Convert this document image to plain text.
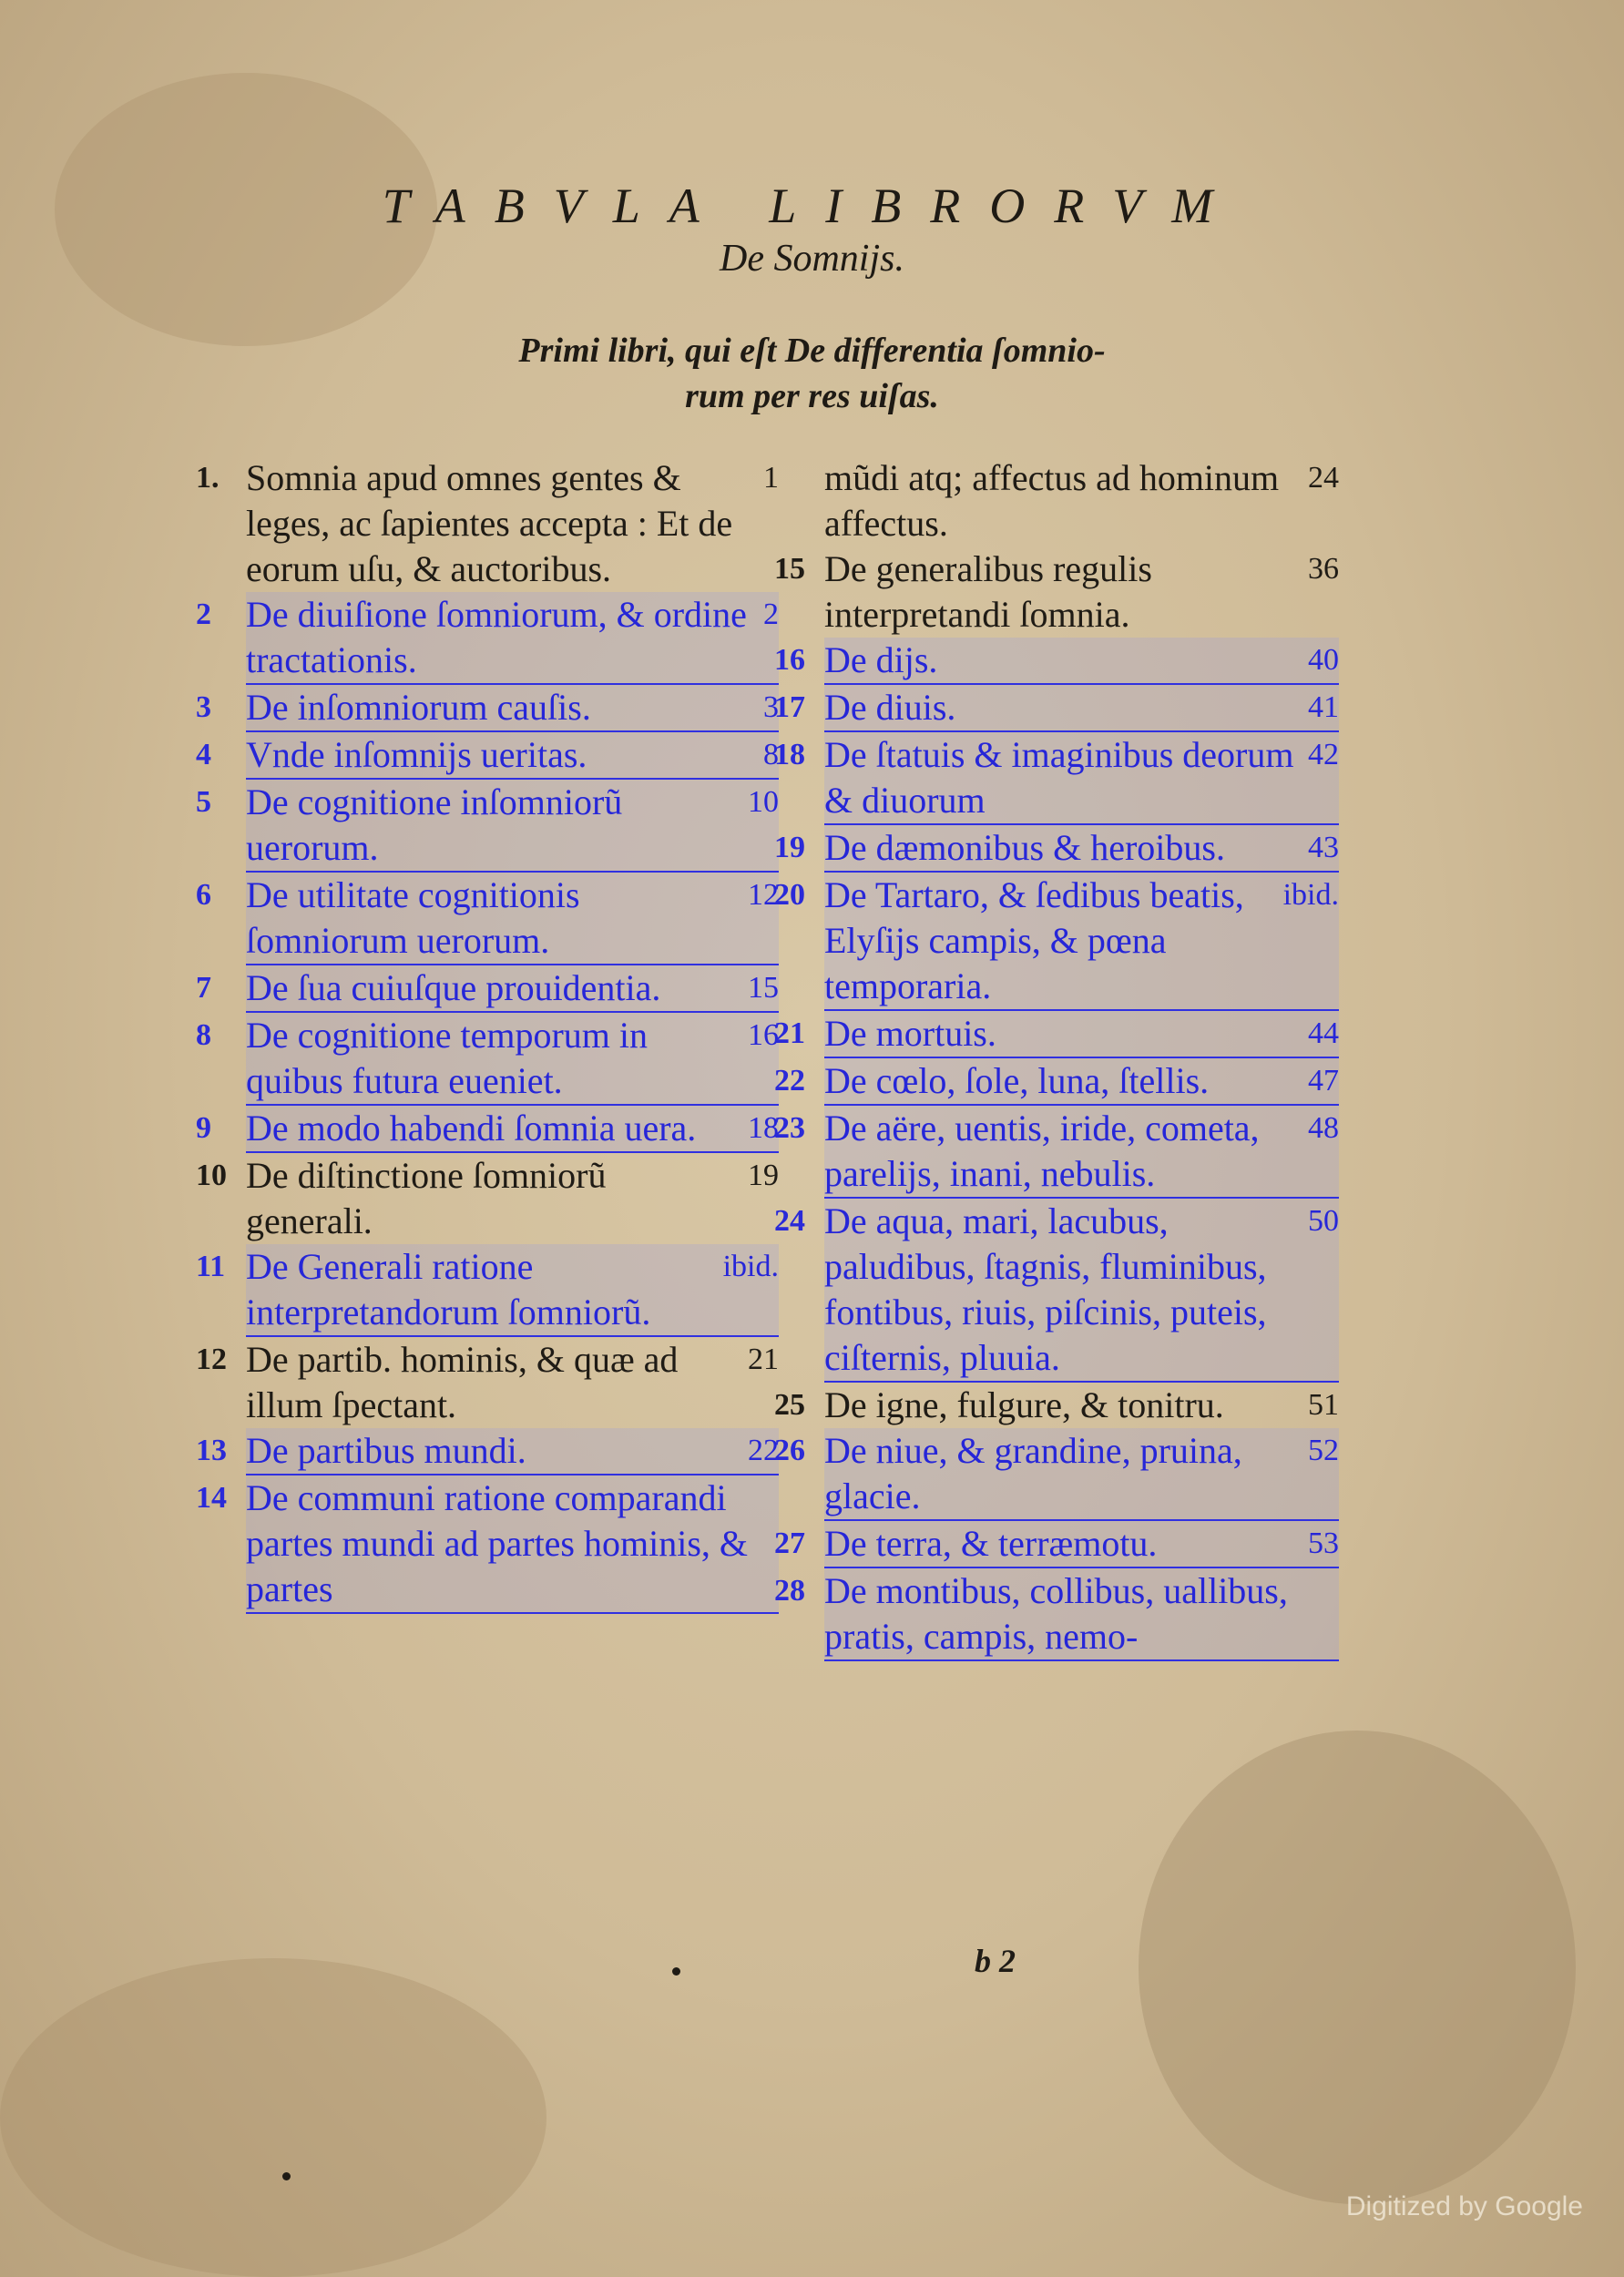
TABVLA LIBRORVM
De Somnijs.
Primi libri, qui eſt De differentia ſomnio-
rum per res uiſas.
1.	1
Somnia apud omnes gentes & leges, ac ſapientes accepta : Et de eorum uſu, & auctoribus.
2	2
De diuiſione ſomniorum, & ordine tractationis.
3	3
De inſomniorum cauſis.
4	8
Vnde inſomnijs ueritas.
5	10
De cognitione inſomniorũ uerorum.
6	12
De utilitate cognitionis ſomniorum uerorum.
7	15
De ſua cuiuſque prouidentia.
8	16
De cognitione temporum in quibus futura eueniet.
9	18
De modo habendi ſomnia uera.
10	19
De diſtinctione ſomniorũ generali.
11	ibid.
De Generali ratione interpretandorum ſomniorũ.
12	21
De partib. hominis, & quæ ad illum ſpectant.
13	22
De partibus mundi.
14 De communi ratione comparandi partes mundi ad partes hominis, & partes
24
mũdi atq; affectus ad hominum affectus.
15	36
De generalibus regulis interpretandi ſomnia.
16	40
De dijs.
17	41
De diuis.
18	42
De ſtatuis & imaginibus deorum & diuorum
19	43
De dæmonibus & heroibus.
20	ibid.
De Tartaro, & ſedibus beatis, Elyſijs campis, & pœna temporaria.
21	44
De mortuis.
22	47
De cœlo, ſole, luna, ſtellis.
23	48
De aëre, uentis, iride, cometa, parelijs, inani, nebulis.
24	50
De aqua, mari, lacubus, paludibus, ſtagnis, fluminibus, fontibus, riuis, piſcinis, puteis, ciſternis, pluuia.
25	51
De igne, fulgure, & tonitru.
26	52
De niue, & grandine, pruina, glacie.
27	53
De terra, & terræmotu.
28 De montibus, collibus, uallibus, pratis, campis, nemo-
b 2
Digitized by Google
